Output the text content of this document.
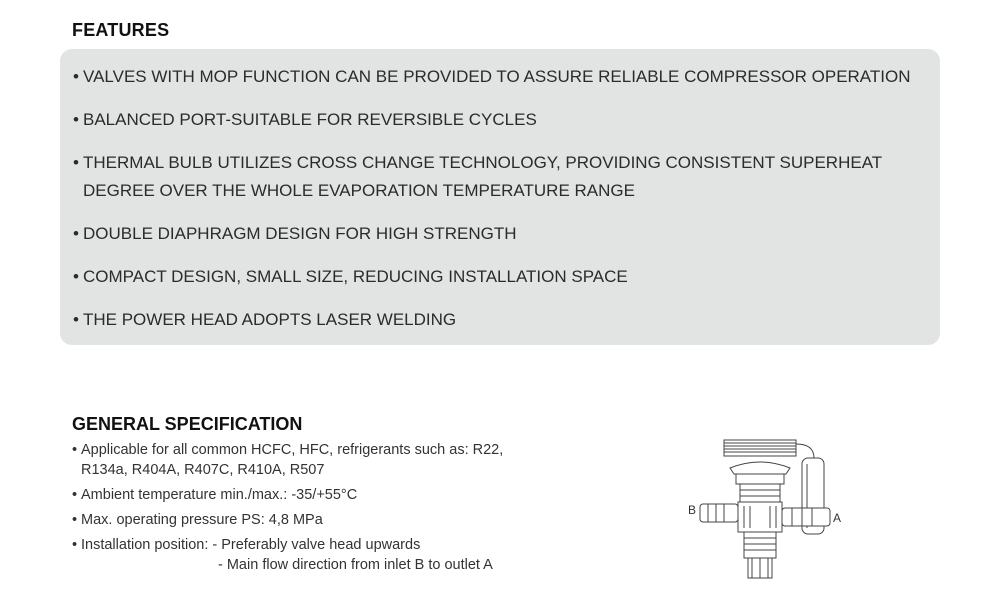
FEATURES
• VALVES WITH MOP FUNCTION CAN BE PROVIDED TO ASSURE RELIABLE COMPRESSOR OPERATION
• BALANCED PORT-SUITABLE FOR REVERSIBLE CYCLES
• THERMAL BULB UTILIZES CROSS CHANGE TECHNOLOGY, PROVIDING CONSISTENT SUPERHEAT DEGREE OVER THE WHOLE EVAPORATION TEMPERATURE RANGE
• DOUBLE DIAPHRAGM DESIGN FOR HIGH STRENGTH
• COMPACT DESIGN, SMALL SIZE, REDUCING INSTALLATION SPACE
• THE POWER HEAD ADOPTS LASER WELDING
GENERAL SPECIFICATION
• Applicable for all common HCFC, HFC, refrigerants such as: R22, R134a, R404A, R407C, R410A, R507
• Ambient temperature min./max.: -35/+55°C
• Max. operating pressure PS: 4,8 MPa
• Installation position: - Preferably valve head upwards
- Main flow direction from inlet B to outlet A
B
A
